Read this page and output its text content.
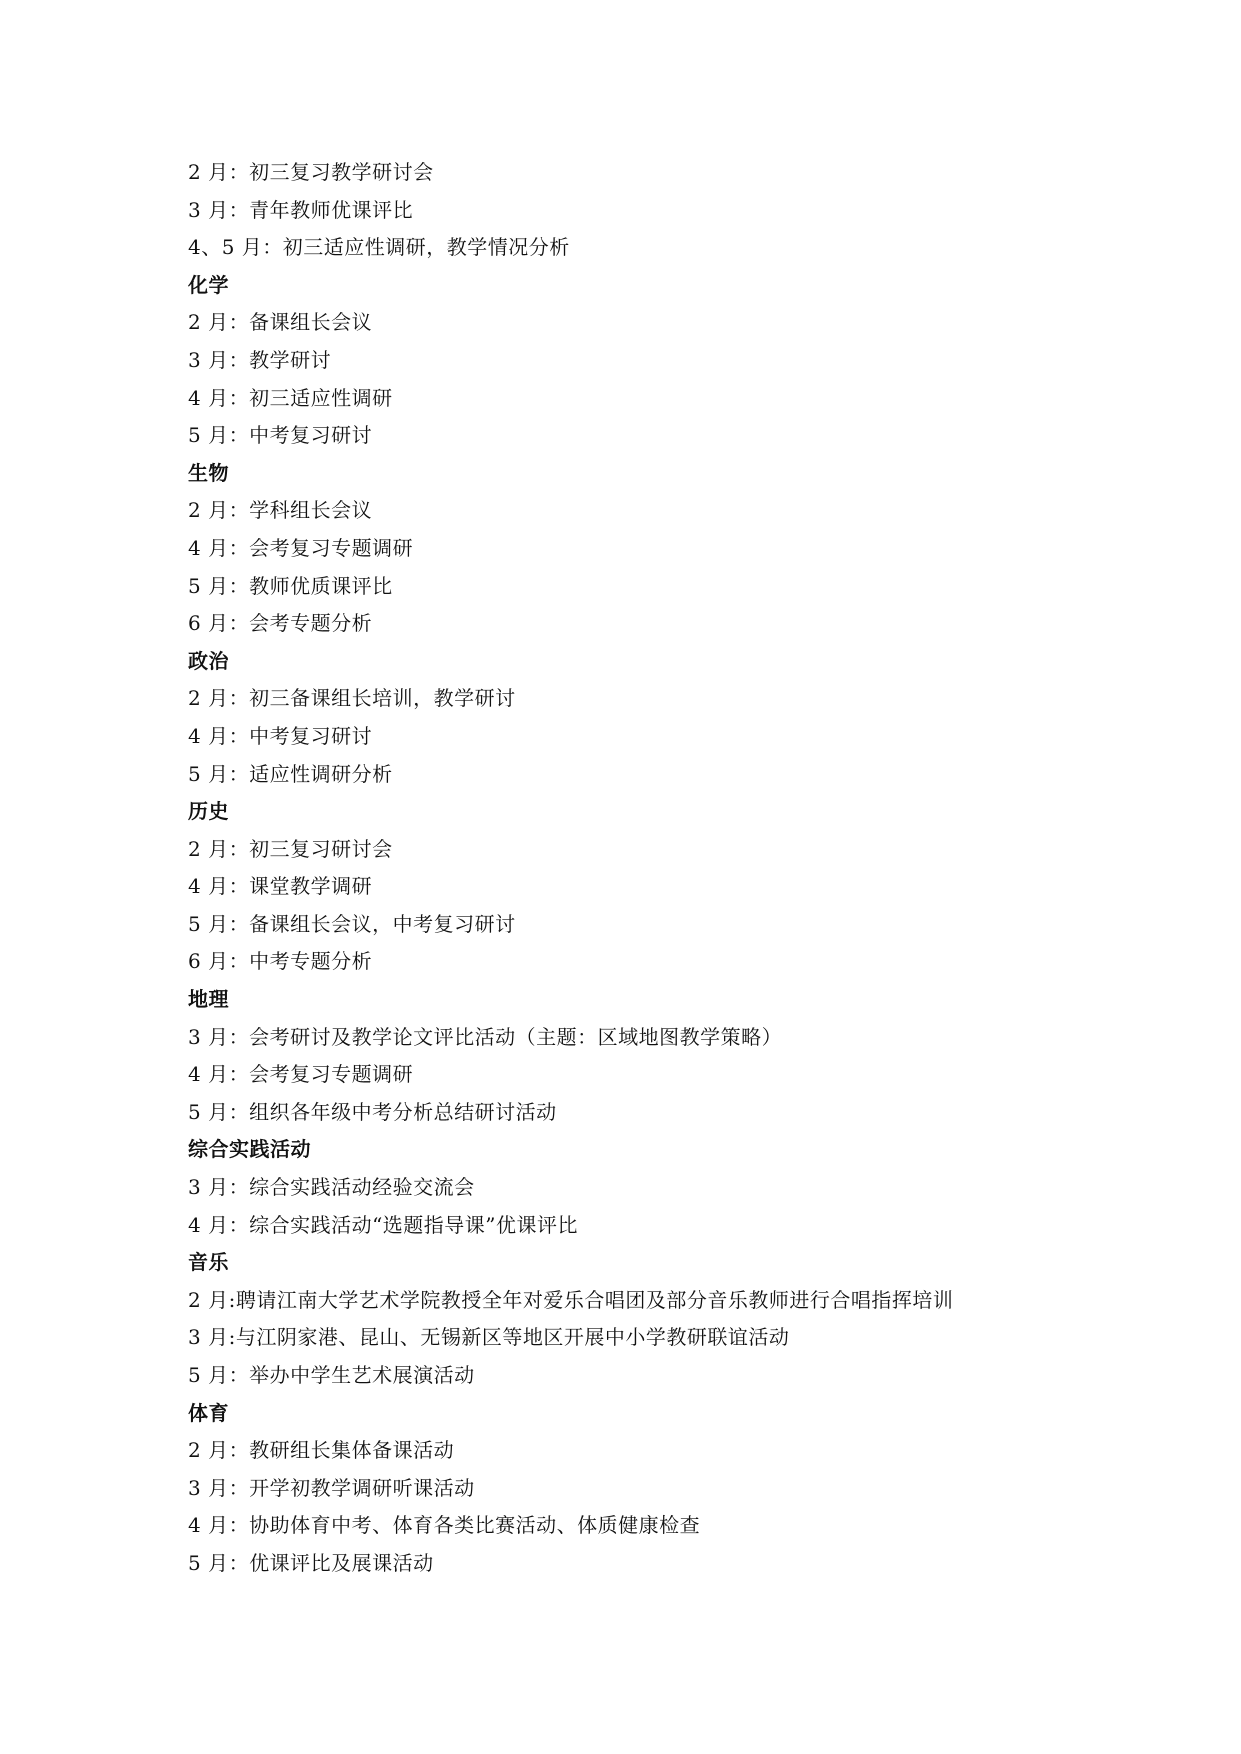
2 月：初三复习教学研讨会
3 月：青年教师优课评比
4、5 月：初三适应性调研，教学情况分析
化学
2 月：备课组长会议
3 月：教学研讨
4 月：初三适应性调研
5 月：中考复习研讨
生物
2 月：学科组长会议
4 月：会考复习专题调研
5 月：教师优质课评比
6 月：会考专题分析
政治
2 月：初三备课组长培训，教学研讨
4 月：中考复习研讨
5 月：适应性调研分析
历史
2 月：初三复习研讨会
4 月：课堂教学调研
5 月：备课组长会议，中考复习研讨
6 月：中考专题分析
地理
3 月：会考研讨及教学论文评比活动（主题：区域地图教学策略）
4 月：会考复习专题调研
5 月：组织各年级中考分析总结研讨活动
综合实践活动
3 月：综合实践活动经验交流会
4 月：综合实践活动“选题指导课”优课评比
音乐
2 月:聘请江南大学艺术学院教授全年对爱乐合唱团及部分音乐教师进行合唱指挥培训
3 月:与江阴家港、昆山、无锡新区等地区开展中小学教研联谊活动
5 月：举办中学生艺术展演活动
体育
2 月：教研组长集体备课活动
3 月：开学初教学调研听课活动
4 月：协助体育中考、体育各类比赛活动、体质健康检查
5 月：优课评比及展课活动
